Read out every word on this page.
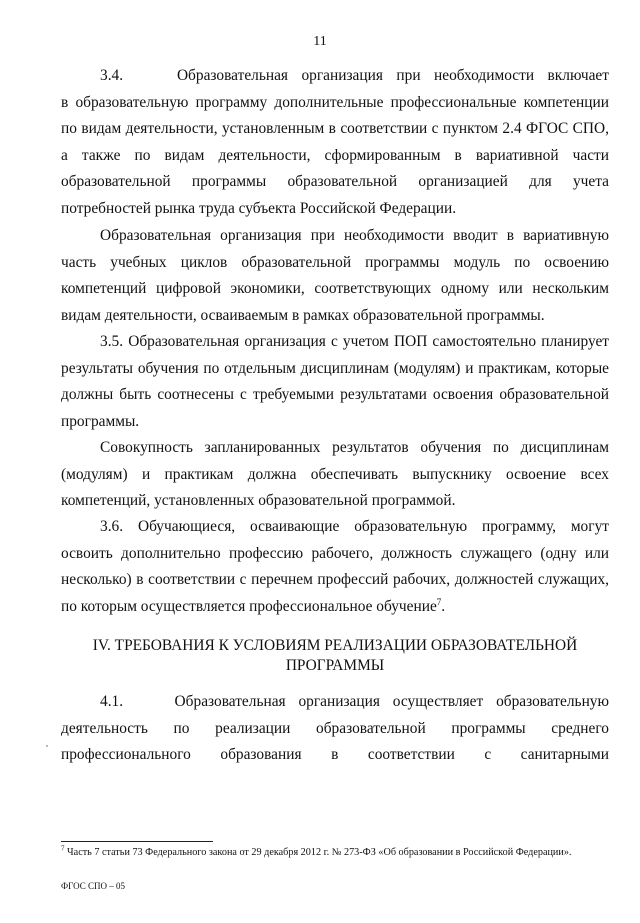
11

3.4.    Образовательная организация при необходимости включает в образовательную программу дополнительные профессиональные компетенции по видам деятельности, установленным в соответствии с пунктом 2.4 ФГОС СПО, а также по видам деятельности, сформированным в вариативной части образовательной программы образовательной организацией для учета потребностей рынка труда субъекта Российской Федерации.

Образовательная организация при необходимости вводит в вариативную часть учебных циклов образовательной программы модуль по освоению компетенций цифровой экономики, соответствующих одному или нескольким видам деятельности, осваиваемым в рамках образовательной программы.

3.5. Образовательная организация с учетом ПОП самостоятельно планирует результаты обучения по отдельным дисциплинам (модулям) и практикам, которые должны быть соотнесены с требуемыми результатами освоения образовательной программы.

Совокупность запланированных результатов обучения по дисциплинам (модулям) и практикам должна обеспечивать выпускнику освоение всех компетенций, установленных образовательной программой.

3.6. Обучающиеся, осваивающие образовательную программу, могут освоить дополнительно профессию рабочего, должность служащего (одну или несколько) в соответствии с перечнем профессий рабочих, должностей служащих, по которым осуществляется профессиональное обучение$^7$.

IV. ТРЕБОВАНИЯ К УСЛОВИЯМ РЕАЛИЗАЦИИ ОБРАЗОВАТЕЛЬНОЙ
ПРОГРАММЫ

4.1.    Образовательная организация осуществляет образовательную деятельность по реализации образовательной программы среднего профессионального образования в соответствии с санитарными

$^7$ Часть 7 статьи 73 Федерального закона от 29 декабря 2012 г. № 273-ФЗ «Об образовании в Российской Федерации».

ФГОС СПО – 05
